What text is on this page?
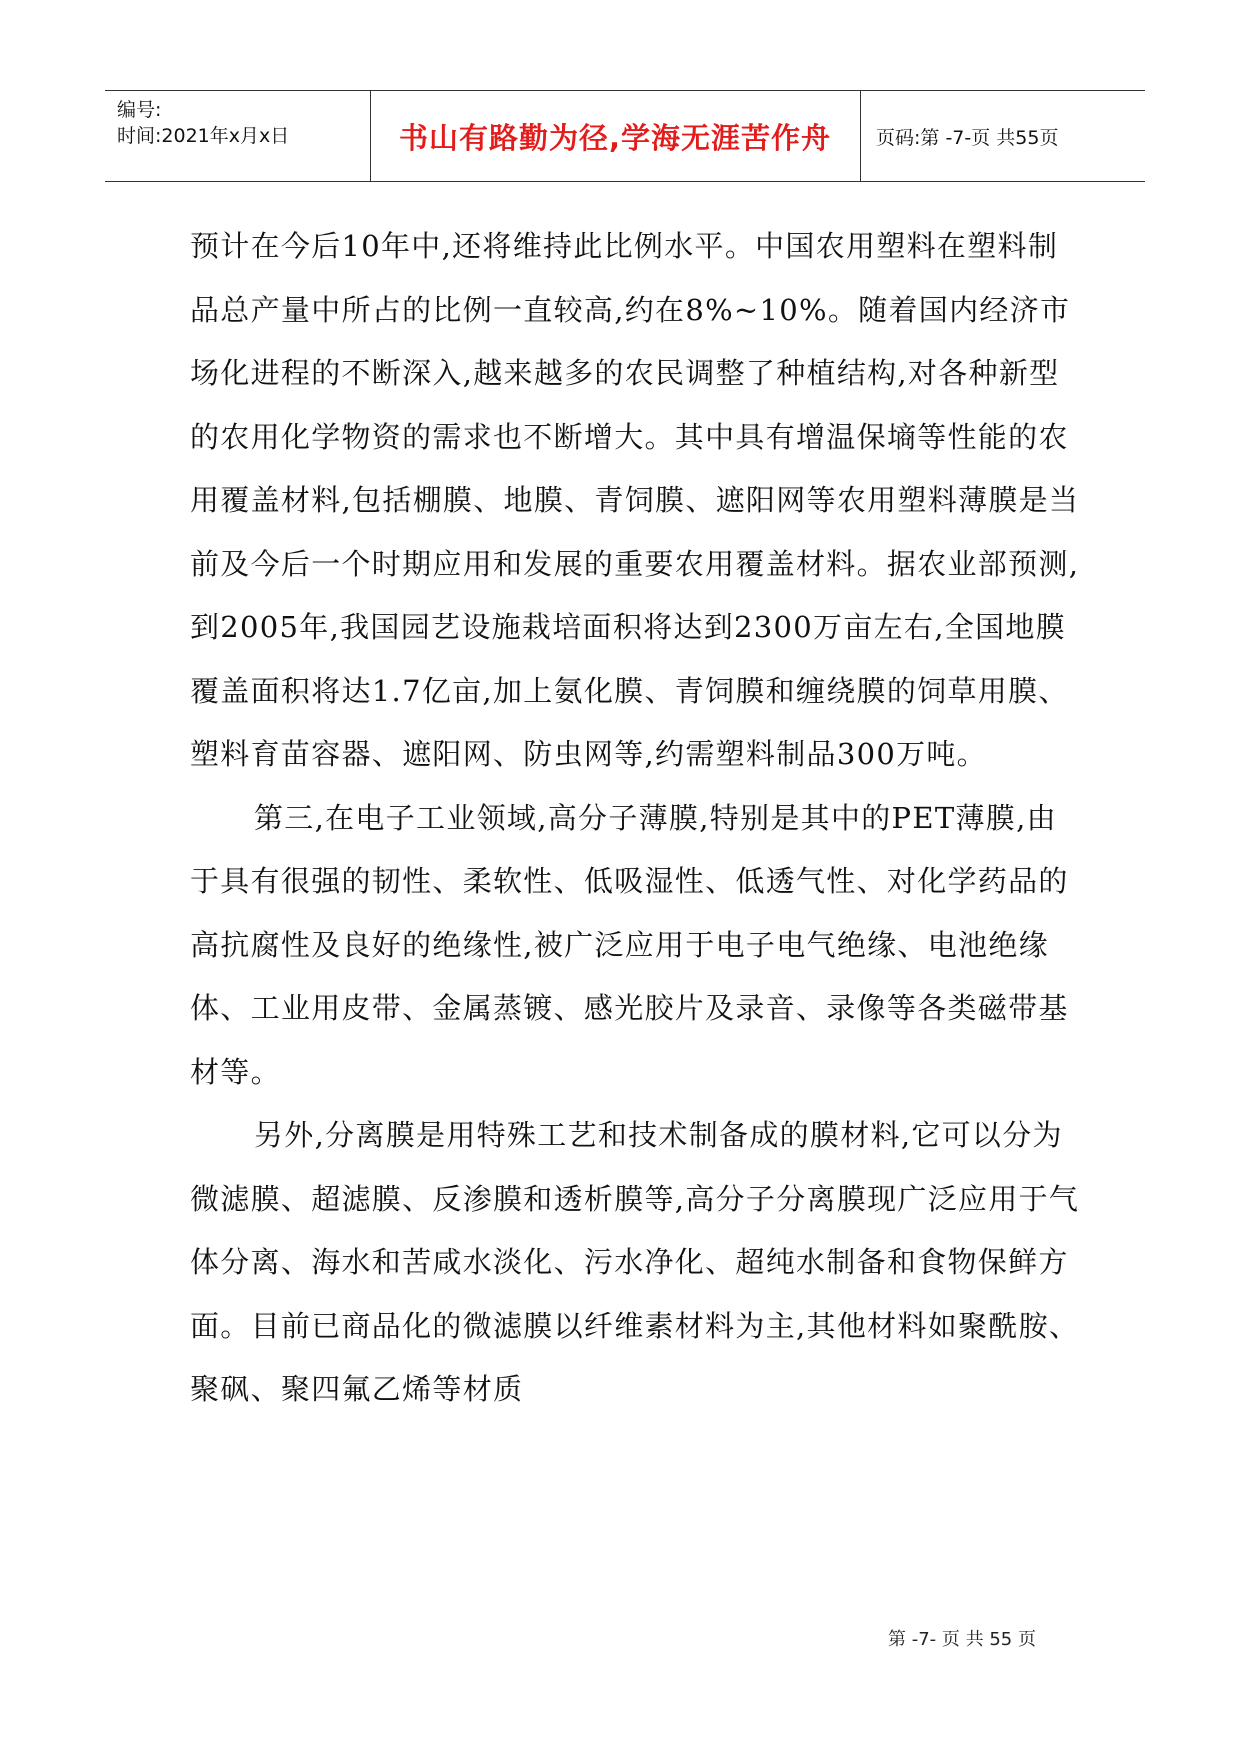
编号:
时间:2021年x月x日	书山有路勤为径,学海无涯苦作舟 页码:第 -7-页 共55页

预计在今后10年中,还将维持此比例水平。中国农用塑料在塑料制品总产量中所占的比例一直较高,约在8%~10%。随着国内经济市场化进程的不断深入,越来越多的农民调整了种植结构,对各种新型的农用化学物资的需求也不断增大。其中具有增温保墒等性能的农用覆盖材料,包括棚膜、地膜、青饲膜、遮阳网等农用塑料薄膜是当前及今后一个时期应用和发展的重要农用覆盖材料。据农业部预测,到2005年,我国园艺设施栽培面积将达到2300万亩左右,全国地膜覆盖面积将达1.7亿亩,加上氨化膜、青饲膜和缠绕膜的饲草用膜、塑料育苗容器、遮阳网、防虫网等,约需塑料制品300万吨。

第三,在电子工业领域,高分子薄膜,特别是其中的PET薄膜,由于具有很强的韧性、柔软性、低吸湿性、低透气性、对化学药品的高抗腐性及良好的绝缘性,被广泛应用于电子电气绝缘、电池绝缘体、工业用皮带、金属蒸镀、感光胶片及录音、录像等各类磁带基材等。

另外,分离膜是用特殊工艺和技术制备成的膜材料,它可以分为微滤膜、超滤膜、反渗膜和透析膜等,高分子分离膜现广泛应用于气体分离、海水和苦咸水淡化、污水净化、超纯水制备和食物保鲜方面。目前已商品化的微滤膜以纤维素材料为主,其他材料如聚酰胺、聚砜、聚四氟乙烯等材质

第 -7- 页 共 55 页
